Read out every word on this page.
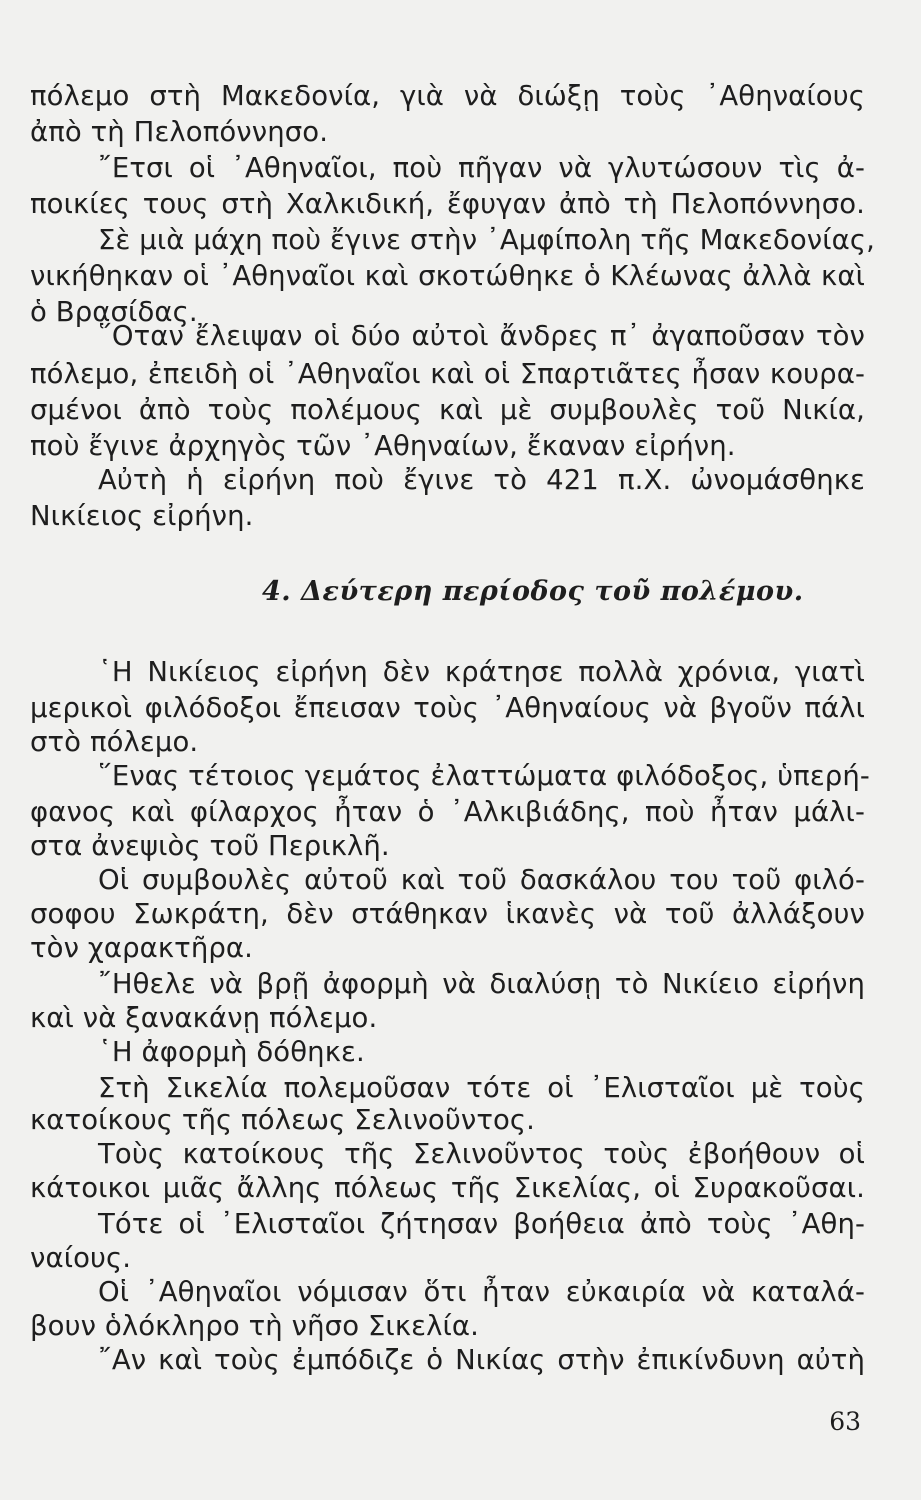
πόλεμο στὴ Μακεδονία, γιὰ νὰ διώξῃ τοὺς ᾿Αθηναίους
ἀπὸ τὴ Πελοπόννησο.
῎Ετσι οἱ ᾿Αθηναῖοι, ποὺ πῆγαν νὰ γλυτώσουν τὶς ἀ-
ποικίες τους στὴ Χαλκιδική, ἔφυγαν ἀπὸ τὴ Πελοπόννησο.
Σὲ μιὰ μάχη ποὺ ἔγινε στὴν ᾿Αμφίπολη τῆς Μακεδονίας,
νικήθηκαν οἱ ᾿Αθηναῖοι καὶ σκοτώθηκε ὁ Κλέωνας ἀλλὰ καὶ
ὁ Βρασίδας.
῞Οταν ἔλειψαν οἱ δύο αὐτοὶ ἄνδρες π᾿ ἀγαποῦσαν τὸν
πόλεμο, ἐπειδὴ οἱ ᾿Αθηναῖοι καὶ οἱ Σπαρτιᾶτες ἦσαν κουρα-
σμένοι ἀπὸ τοὺς πολέμους καὶ μὲ συμβουλὲς τοῦ Νικία,
ποὺ ἔγινε ἀρχηγὸς τῶν ᾿Αθηναίων, ἔκαναν εἰρήνη.
Αὐτὴ ἡ εἰρήνη ποὺ ἔγινε τὸ 421 π.Χ. ὠνομάσθηκε
Νικίειος εἰρήνη.
4. Δεύτερη περίοδος τοῦ πολέμου.
῾Η Νικίειος εἰρήνη δὲν κράτησε πολλὰ χρόνια, γιατὶ
μερικοὶ φιλόδοξοι ἔπεισαν τοὺς ᾿Αθηναίους νὰ βγοῦν πάλι
στὸ πόλεμο.
῞Ενας τέτοιος γεμάτος ἐλαττώματα φιλόδοξος, ὑπερή-
φανος καὶ φίλαρχος ἦταν ὁ ᾿Αλκιβιάδης, ποὺ ἦταν μάλι-
στα ἀνεψιὸς τοῦ Περικλῆ.
Οἱ συμβουλὲς αὐτοῦ καὶ τοῦ δασκάλου του τοῦ φιλό-
σοφου Σωκράτη, δὲν στάθηκαν ἱκανὲς νὰ τοῦ ἀλλάξουν
τὸν χαρακτῆρα.
῎Ηθελε νὰ βρῇ ἀφορμὴ νὰ διαλύσῃ τὸ Νικίειο εἰρήνη
καὶ νὰ ξανακάνῃ πόλεμο.
῾Η ἀφορμὴ δόθηκε.
Στὴ Σικελία πολεμοῦσαν τότε οἱ ᾿Ελισταῖοι μὲ τοὺς
κατοίκους τῆς πόλεως Σελινοῦντος.
Τοὺς κατοίκους τῆς Σελινοῦντος τοὺς ἐβοήθουν οἱ
κάτοικοι μιᾶς ἄλλης πόλεως τῆς Σικελίας, οἱ Συρακοῦσαι.
Τότε οἱ ᾿Ελισταῖοι ζήτησαν βοήθεια ἀπὸ τοὺς ᾿Αθη-
ναίους.
Οἱ ᾿Αθηναῖοι νόμισαν ὅτι ἦταν εὐκαιρία νὰ καταλά-
βουν ὁλόκληρο τὴ νῆσο Σικελία.
῎Αν καὶ τοὺς ἐμπόδιζε ὁ Νικίας στὴν ἐπικίνδυνη αὐτὴ
63
